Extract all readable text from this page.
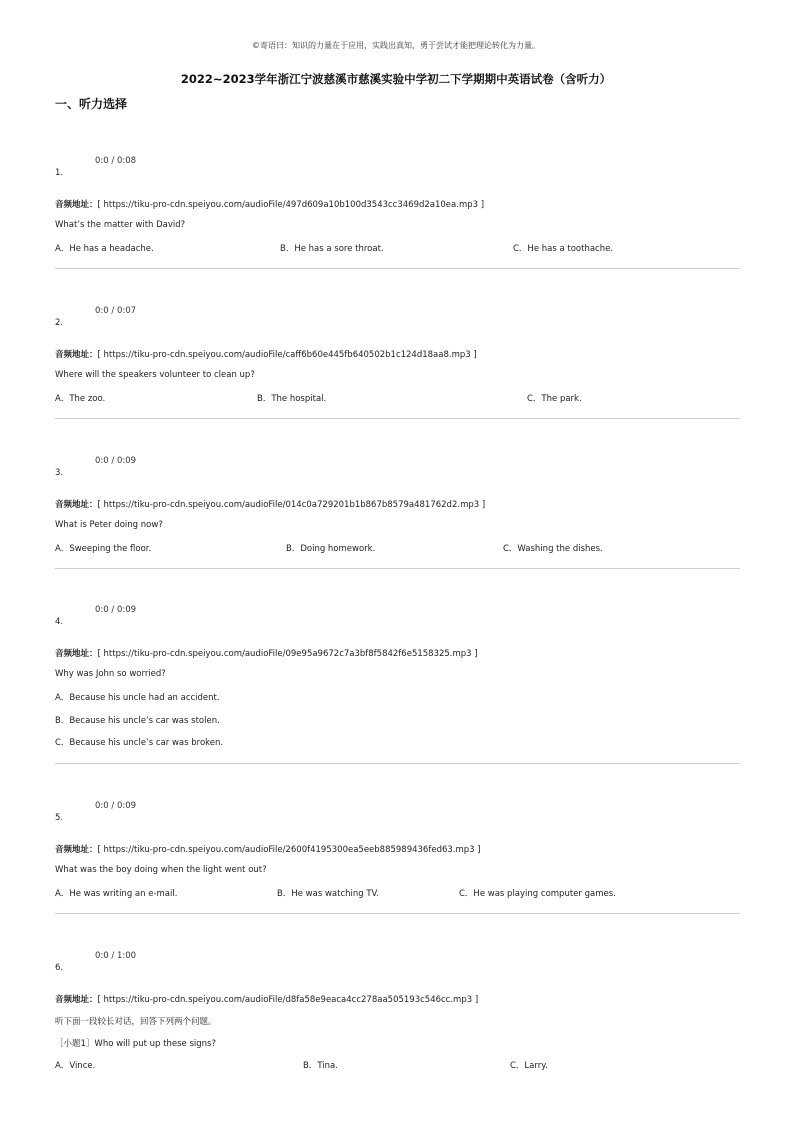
©寄语曰：知识的力量在于应用，实践出真知，勇于尝试才能把理论转化为力量。
2022~2023学年浙江宁波慈溪市慈溪实验中学初二下学期期中英语试卷（含听力）
一、听力选择
0:0 / 0:08
1.
音频地址：[ https://tiku-pro-cdn.speiyou.com/audioFile/497d609a10b100d3543cc3469d2a10ea.mp3 ]
What’s the matter with David?
A．He has a headache.	B．He has a sore throat.	C．He has a toothache.
0:0 / 0:07
2.
音频地址：[ https://tiku-pro-cdn.speiyou.com/audioFile/caff6b60e445fb640502b1c124d18aa8.mp3 ]
Where will the speakers volunteer to clean up?
A．The zoo.	B．The hospital.	C．The park.
0:0 / 0:09
3.
音频地址：[ https://tiku-pro-cdn.speiyou.com/audioFile/014c0a729201b1b867b8579a481762d2.mp3 ]
What is Peter doing now?
A．Sweeping the floor.	B．Doing homework.	C．Washing the dishes.
0:0 / 0:09
4.
音频地址：[ https://tiku-pro-cdn.speiyou.com/audioFile/09e95a9672c7a3bf8f5842f6e5158325.mp3 ]
Why was John so worried?
A．Because his uncle had an accident.
B．Because his uncle’s car was stolen.
C．Because his uncle’s car was broken.
0:0 / 0:09
5.
音频地址：[ https://tiku-pro-cdn.speiyou.com/audioFile/2600f4195300ea5eeb885989436fed63.mp3 ]
What was the boy doing when the light went out?
A．He was writing an e-mail.	B．He was watching TV.	C．He was playing computer games.
0:0 / 1:00
6.
音频地址：[ https://tiku-pro-cdn.speiyou.com/audioFile/d8fa58e9eaca4cc278aa505193c546cc.mp3 ]
听下面一段较长对话，回答下列两个问题。
［小题1］Who will put up these signs?
A．Vince.	B．Tina.	C．Larry.
